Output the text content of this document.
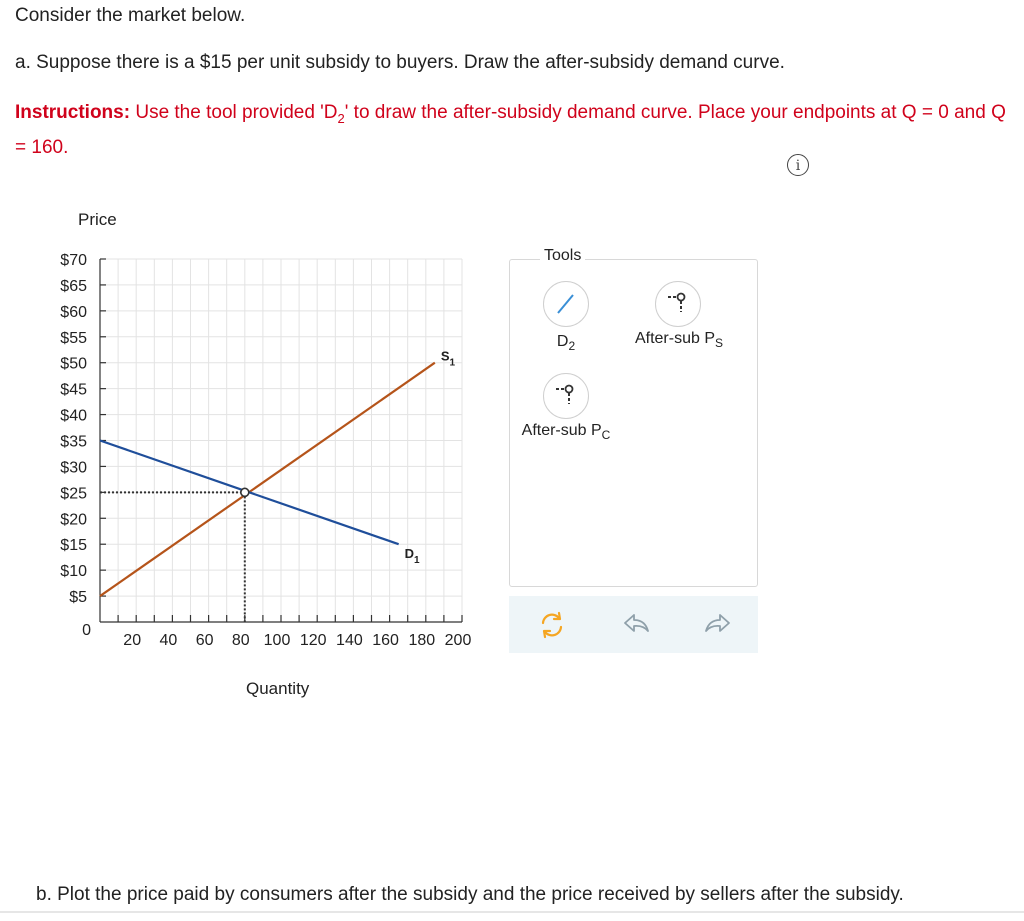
Consider the market below.
a. Suppose there is a $15 per unit subsidy to buyers. Draw the after-subsidy demand curve.
Instructions: Use the tool provided '$D_2$' to draw the after-subsidy demand curve. Place your endpoints at Q = 0 and Q = 160.
i
Price
Quantity
$5
$10
$15
$20
$25
$30
$35
$40
$45
$50
$55
$60
$65
$70
0
20 40 60 80 100 120 140 160 180 200
$S_1$
$D_1$
Tools
$D_2$	After-sub $P_S$
After-sub $P_C$
b. Plot the price paid by consumers after the subsidy and the price received by sellers after the subsidy.
